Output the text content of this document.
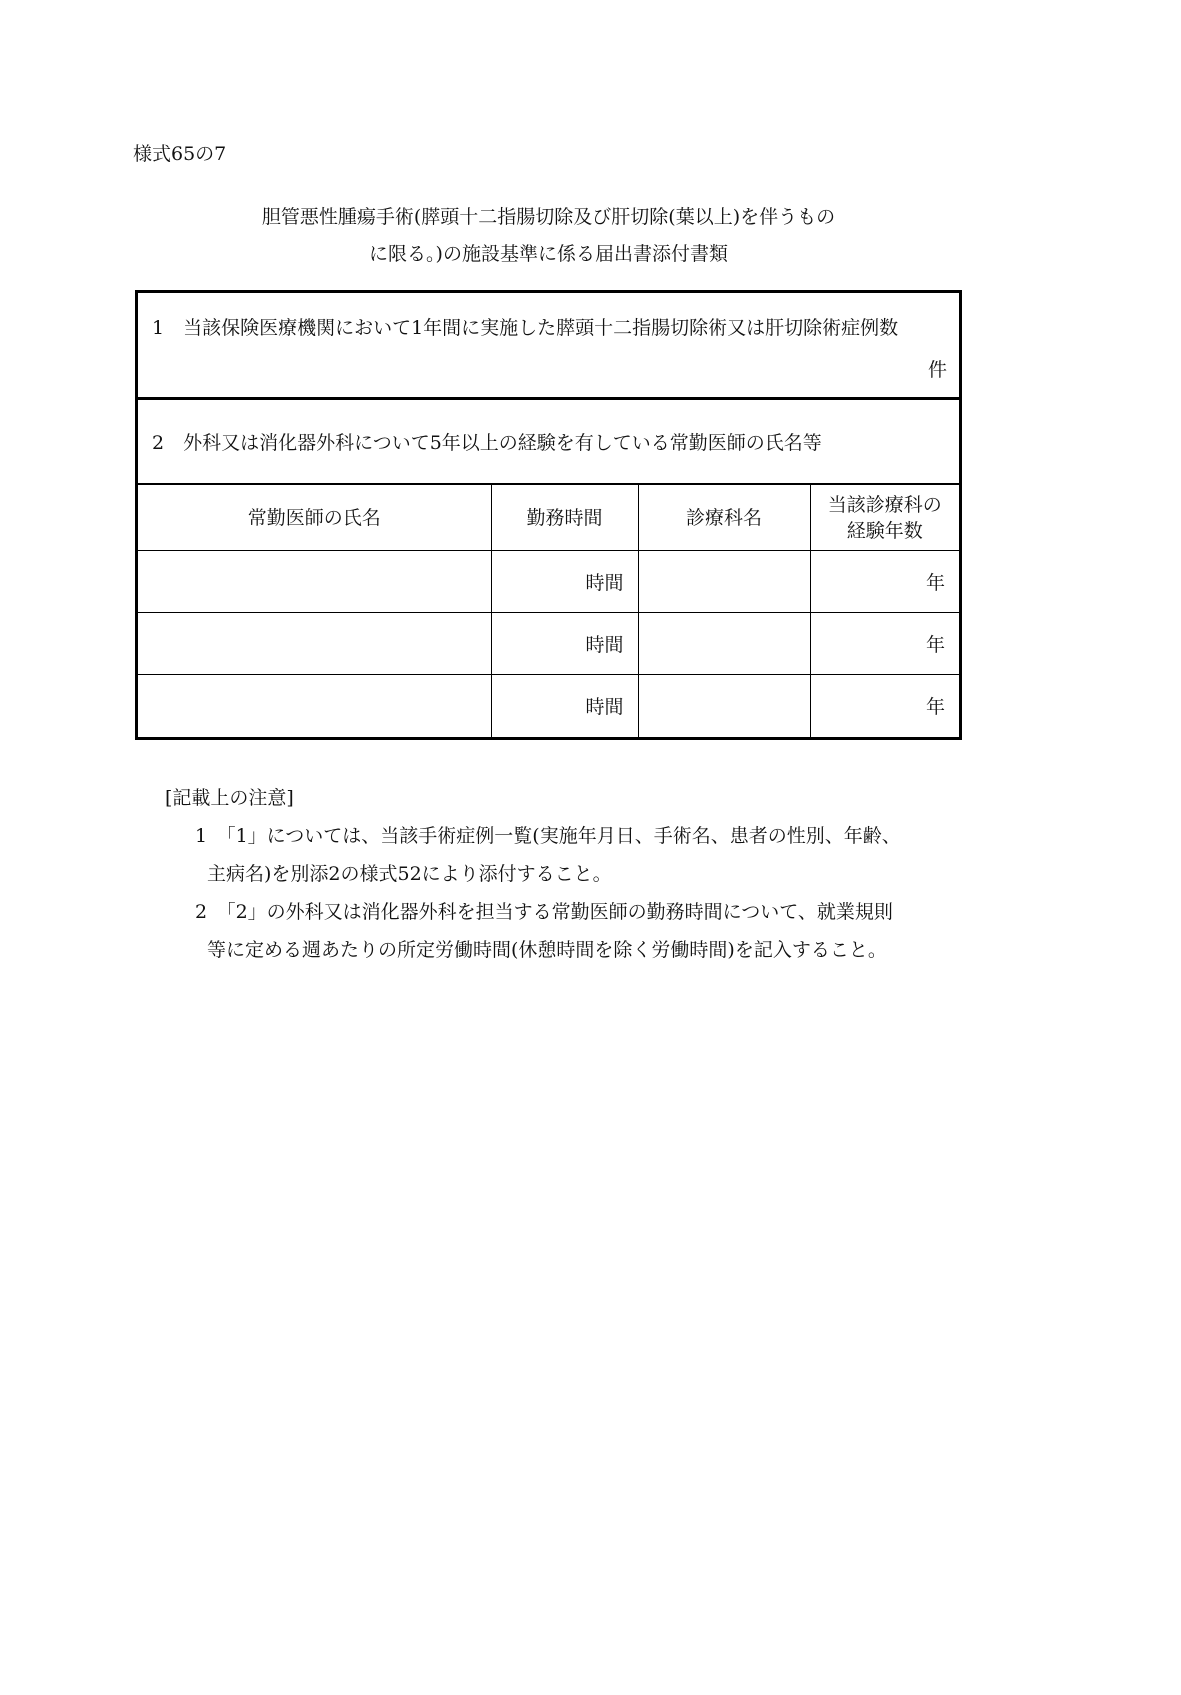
様式65の7
胆管悪性腫瘍手術(膵頭十二指腸切除及び肝切除(葉以上)を伴うもの
に限る。)の施設基準に係る届出書添付書類
1　当該保険医療機関において1年間に実施した膵頭十二指腸切除術又は肝切除術症例数
件
2　外科又は消化器外科について5年以上の経験を有している常勤医師の氏名等
常勤医師の氏名	勤務時間	診療科名	当該診療科の
経験年数

	時間		年
	時間		年
	時間		年
[記載上の注意]
1　「1」については、当該手術症例一覧(実施年月日、手術名、患者の性別、年齢、
主病名)を別添2の様式52により添付すること。
2　「2」の外科又は消化器外科を担当する常勤医師の勤務時間について、就業規則
等に定める週あたりの所定労働時間(休憩時間を除く労働時間)を記入すること。
